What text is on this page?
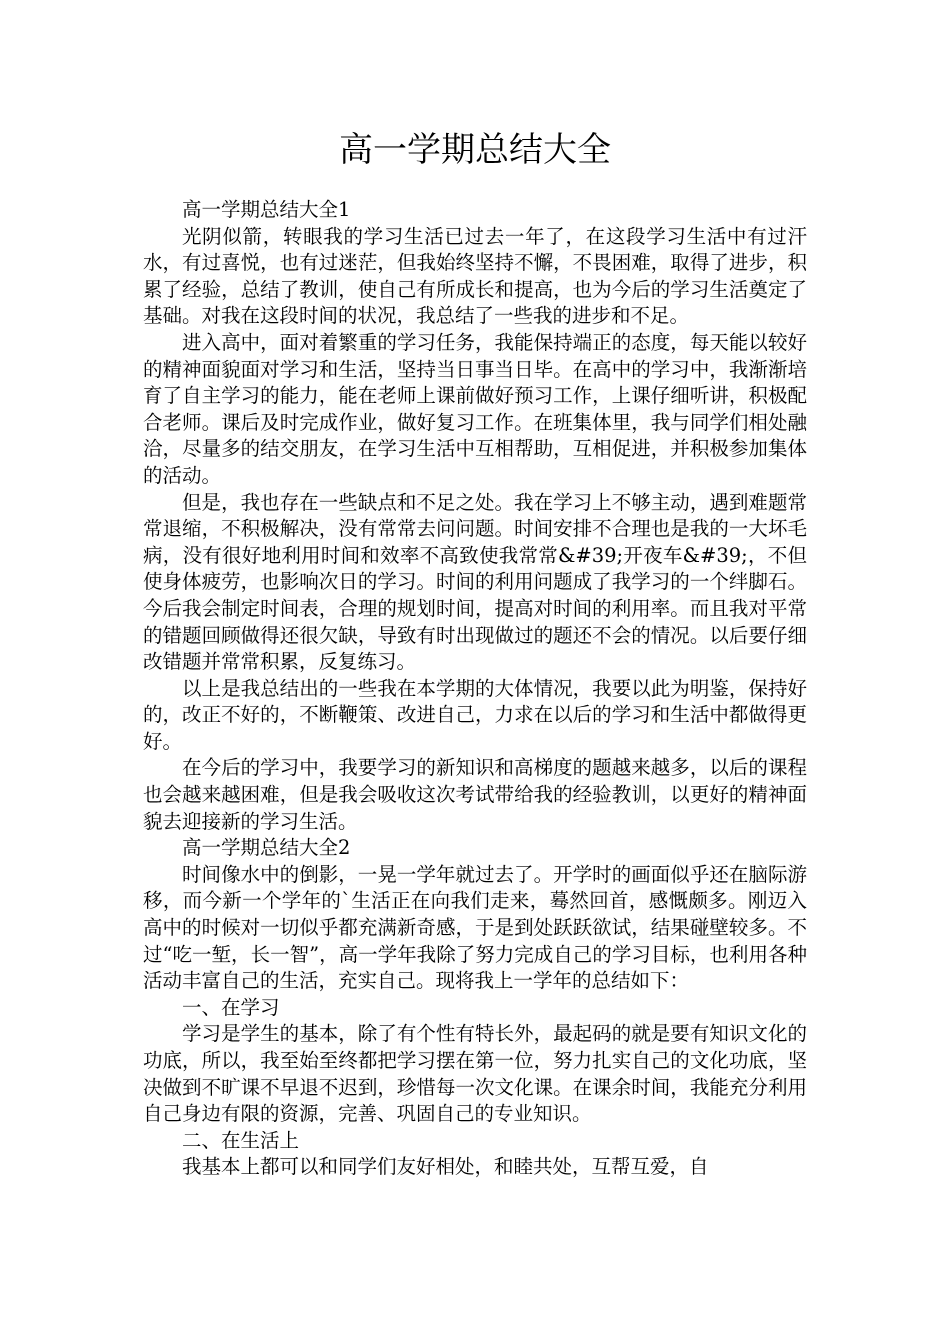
高一学期总结大全

高一学期总结大全1

光阴似箭，转眼我的学习生活已过去一年了，在这段学习生活中有过汗水，有过喜悦，也有过迷茫，但我始终坚持不懈，不畏困难，取得了进步，积累了经验，总结了教训，使自己有所成长和提高，也为今后的学习生活奠定了基础。对我在这段时间的状况，我总结了一些我的进步和不足。

进入高中，面对着繁重的学习任务，我能保持端正的态度，每天能以较好的精神面貌面对学习和生活，坚持当日事当日毕。在高中的学习中，我渐渐培育了自主学习的能力，能在老师上课前做好预习工作，上课仔细听讲，积极配合老师。课后及时完成作业，做好复习工作。在班集体里，我与同学们相处融洽，尽量多的结交朋友，在学习生活中互相帮助，互相促进，并积极参加集体的活动。

但是，我也存在一些缺点和不足之处。我在学习上不够主动，遇到难题常常退缩，不积极解决，没有常常去问问题。时间安排不合理也是我的一大坏毛病，没有很好地利用时间和效率不高致使我常常&#39;开夜车&#39;，不但使身体疲劳，也影响次日的学习。时间的利用问题成了我学习的一个绊脚石。今后我会制定时间表，合理的规划时间，提高对时间的利用率。而且我对平常的错题回顾做得还很欠缺，导致有时出现做过的题还不会的情况。以后要仔细改错题并常常积累，反复练习。

以上是我总结出的一些我在本学期的大体情况，我要以此为明鉴，保持好的，改正不好的，不断鞭策、改进自己，力求在以后的学习和生活中都做得更好。

在今后的学习中，我要学习的新知识和高梯度的题越来越多，以后的课程也会越来越困难，但是我会吸收这次考试带给我的经验教训，以更好的精神面貌去迎接新的学习生活。

高一学期总结大全2

时间像水中的倒影，一晃一学年就过去了。开学时的画面似乎还在脑际游移，而今新一个学年的`生活正在向我们走来，蓦然回首，感慨颇多。刚迈入高中的时候对一切似乎都充满新奇感，于是到处跃跃欲试，结果碰壁较多。不过“吃一堑，长一智”，高一学年我除了努力完成自己的学习目标，也利用各种活动丰富自己的生活，充实自己。现将我上一学年的总结如下：

一、在学习

学习是学生的基本，除了有个性有特长外，最起码的就是要有知识文化的功底，所以，我至始至终都把学习摆在第一位，努力扎实自己的文化功底，坚决做到不旷课不早退不迟到，珍惜每一次文化课。在课余时间，我能充分利用自己身边有限的资源，完善、巩固自己的专业知识。

二、在生活上

我基本上都可以和同学们友好相处，和睦共处，互帮互爱，自
